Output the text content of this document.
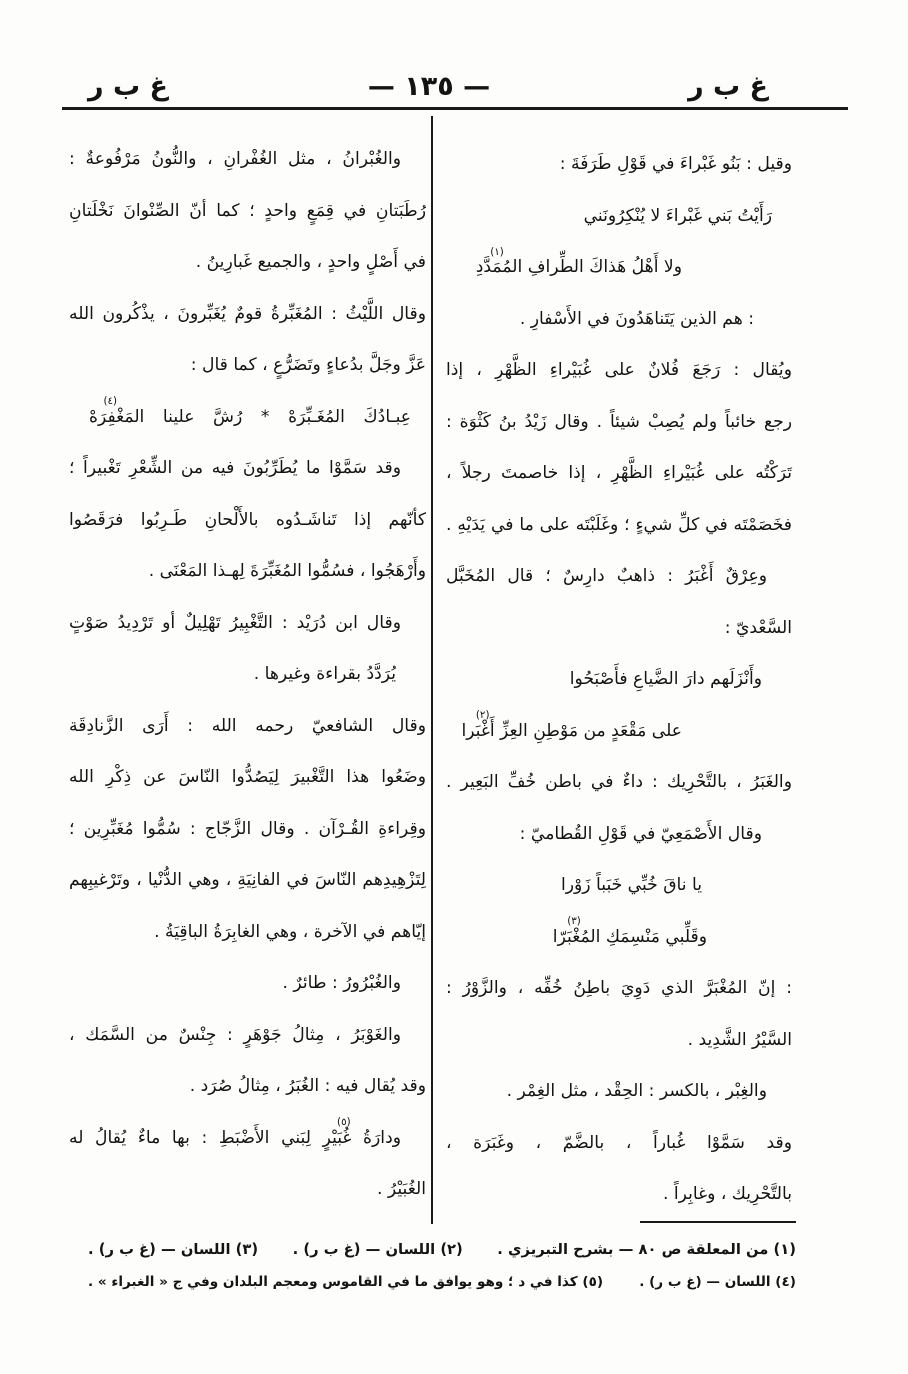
غ ب ر
— ١٣٥ —
غ ب ر
وقيل : بَنُو غَبْراءَ في قَوْلِ طَرَفَةَ :
رَأَيْتُ بَني غَبْراءَ لا يُنْكِرُونَني
ولا أَهْلُ هَذاكَ الطِّرافِ المُمَدَّدِ(١)
: هم الذين يَتَناهَدُونَ في الأَسْفارِ .
ويُقال : رَجَعَ فُلانٌ على غُبَيْراءِ الظَّهْرِ ، إذا
رجع خائباً ولم يُصِبْ شيئاً . وقال زَيْدُ بنُ كَثْوَة :
تَرَكْتُه على غُبَيْراءِ الظَّهْرِ ، إذا خاصمتَ رجلاً ،
فخَصَمْتَه في كلِّ شيءٍ ؛ وغَلَبْتَه على ما في يَدَيْهِ .
وعِرْقٌ أَغْبَرُ : ذاهبٌ دارِسٌ ؛ قال المُخَبَّل
السَّعْديّ :
وأَنْزَلَهم دارَ الضَّياعِ فأَصْبَحُوا
على مَقْعَدٍ من مَوْطِنِ العِزِّ أَغْبَرا(٢)
والغَبَرُ ، بالتَّحْرِيك : داءٌ في باطن خُفِّ البَعِير .
وقال الأَصْمَعِيّ في قَوْلِ القُطاميّ :
يا ناقَ خُبِّي خَبَباً زَوْرا
وقَلِّبي مَنْسِمَكِ المُغْبَرّا(٣)
: إنّ المُغْبَرَّ الذي دَوِيَ باطِنُ خُفِّه ، والزَّوْرُ :
السَّيْرُ الشَّدِيد .
والغِبْر ، بالكسر : الحِقْد ، مثل الغِمْر .
وقد سَمَّوْا غُباراً ، بالضَّمّ ، وغَبَرَة ،
بالتَّحْرِيك ، وغابِراً .
والغُبْرانُ ، مثل الغُفْرانِ ، والنُّونُ مَرْفُوعةٌ :
رُطَبَتانِ في قِمَعٍ واحدٍ ؛ كما أنّ الصِّنْوانَ نَخْلَتانِ
في أَصْلٍ واحدٍ ، والجميع غَبارِينُ .
وقال اللَّيْثُ : المُغَبِّرةُ قومٌ يُغَبِّرونَ ، يذْكُرون الله
عَزَّ وجَلَّ بدُعاءٍ وتَضَرُّعٍ ، كما قال :
عِبـادُكَ المُغَـبِّرَهْ * رُشَّ علينا المَغْفِرَهْ(٤)
وقد سَمَّوْا ما يُطَرِّبُونَ فيه من الشِّعْرِ تَغْبيراً ؛
كأنّهم إذا تَناشَـدُوه بالأَلْحانِ طَـرِبُوا فرَقَصُوا
وأَرْهَجُوا ، فسُمُّوا المُغَبِّرَةَ لِهـذا المَعْنَى .
وقال ابن دُرَيْد : التَّغْبِيرُ تَهْلِيلٌ أو تَرْدِيدُ صَوْتٍ
يُرَدَّدُ بقراءة وغيرها .
وقال الشافعيّ رحمه الله : أَرَى الزَّنادِقَة
وضَعُوا هذا التَّغْبيرَ لِيَصُدُّوا النّاسَ عن ذِكْرِ الله
وقِراءةِ القُـرْآن . وقال الزَّجّاج : سُمُّوا مُغَبِّرِين ؛
لِتَزْهِيدِهم النّاسَ في الفانِيَةِ ، وهي الدُّنْيا ، وتَرْغيبِهم
إيّاهم في الآخرة ، وهي الغابِرَةُ الباقِيَةُ .
والغُبْرُورُ : طائرٌ .
والغَوْبَرُ ، مِثالُ جَوْهَرٍ : جِنْسٌ من السَّمَك ،
وقد يُقال فيه : الغُبَرُ ، مِثالُ صُرَد .
ودارَةُ غُبَيْرٍ(٥) لِبَني الأَضْبَطِ : بها ماءٌ يُقالُ له
الغُبَيْرُ .
(١) من المعلقة ص ٨٠ — بشرح التبريزي .
(٢) اللسان — (غ ب ر) .
(٣) اللسان — (غ ب ر) .
(٤) اللسان — (غ ب ر) .
(٥) كذا في د ؛ وهو يوافق ما في القاموس ومعجم البلدان وفي ج « الغبراء » .
